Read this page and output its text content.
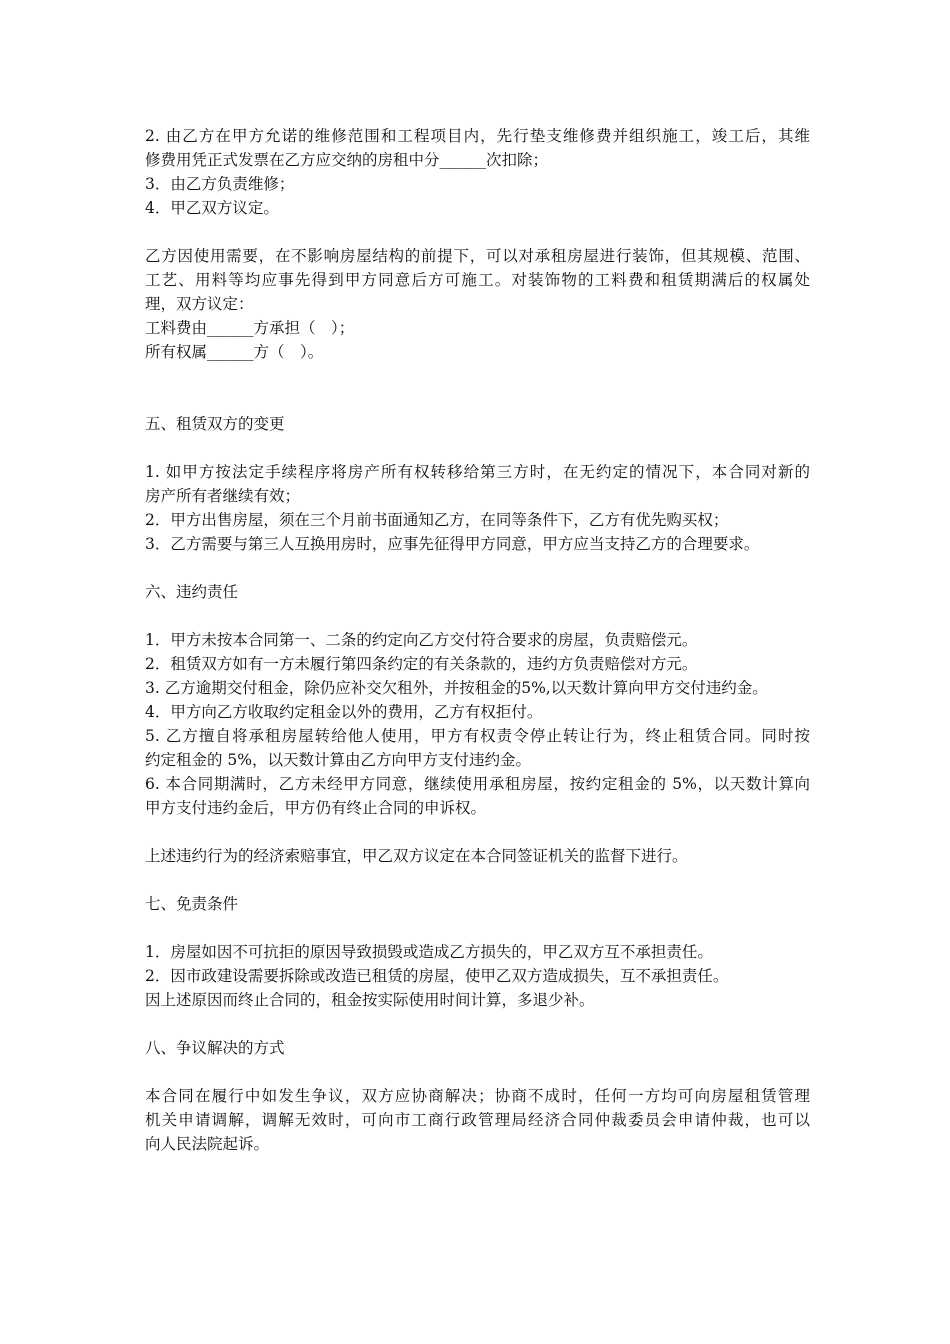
2. 由乙方在甲方允诺的维修范围和工程项目内，先行垫支维修费并组织施工，竣工后，其维
修费用凭正式发票在乙方应交纳的房租中分______次扣除；
3．由乙方负责维修；
4．甲乙双方议定。
乙方因使用需要，在不影响房屋结构的前提下，可以对承租房屋进行装饰，但其规模、范围、
工艺、用料等均应事先得到甲方同意后方可施工。对装饰物的工料费和租赁期满后的权属处
理，双方议定：
工料费由______方承担（　）；
所有权属______方（　）。
五、租赁双方的变更
1. 如甲方按法定手续程序将房产所有权转移给第三方时，在无约定的情况下，本合同对新的
房产所有者继续有效；
2．甲方出售房屋，须在三个月前书面通知乙方，在同等条件下，乙方有优先购买权；
3．乙方需要与第三人互换用房时，应事先征得甲方同意，甲方应当支持乙方的合理要求。
六、违约责任
1．甲方未按本合同第一、二条的约定向乙方交付符合要求的房屋，负责赔偿元。
2．租赁双方如有一方未履行第四条约定的有关条款的，违约方负责赔偿对方元。
3. 乙方逾期交付租金，除仍应补交欠租外，并按租金的5%,以天数计算向甲方交付违约金。
4．甲方向乙方收取约定租金以外的费用，乙方有权拒付。
5. 乙方擅自将承租房屋转给他人使用，甲方有权责令停止转让行为，终止租赁合同。同时按
约定租金的 5%，以天数计算由乙方向甲方支付违约金。
6. 本合同期满时，乙方未经甲方同意，继续使用承租房屋，按约定租金的 5%，以天数计算向
甲方支付违约金后，甲方仍有终止合同的申诉权。
上述违约行为的经济索赔事宜，甲乙双方议定在本合同签证机关的监督下进行。
七、免责条件
1．房屋如因不可抗拒的原因导致损毁或造成乙方损失的，甲乙双方互不承担责任。
2．因市政建设需要拆除或改造已租赁的房屋，使甲乙双方造成损失，互不承担责任。
因上述原因而终止合同的，租金按实际使用时间计算，多退少补。
八、争议解决的方式
本合同在履行中如发生争议，双方应协商解决；协商不成时，任何一方均可向房屋租赁管理
机关申请调解，调解无效时，可向市工商行政管理局经济合同仲裁委员会申请仲裁，也可以
向人民法院起诉。
